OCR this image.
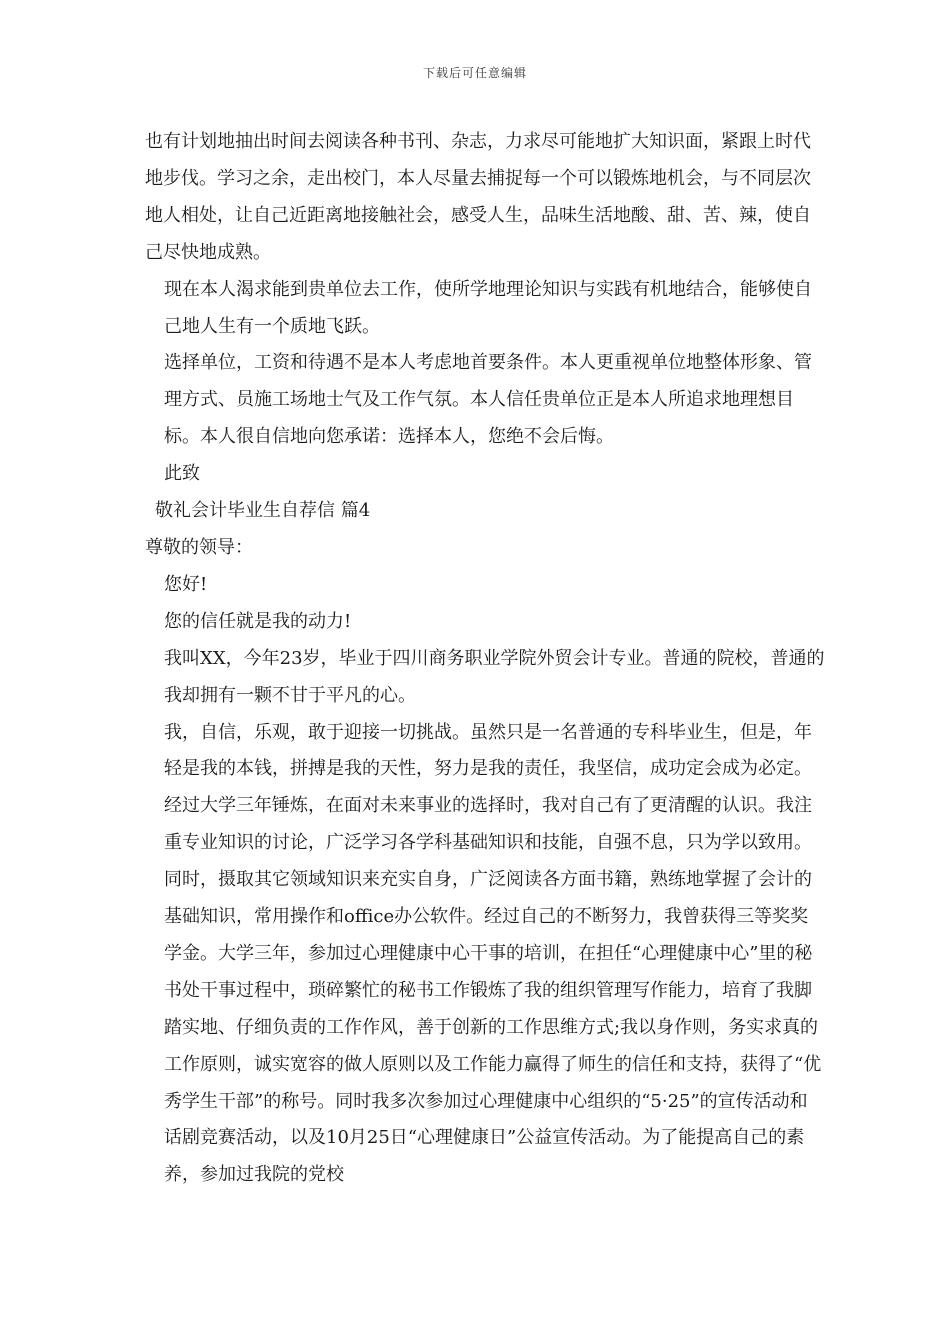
下载后可任意编辑

也有计划地抽出时间去阅读各种书刊、杂志，力求尽可能地扩大知识面，紧跟上时代地步伐。学习之余，走出校门，本人尽量去捕捉每一个可以锻炼地机会，与不同层次地人相处，让自己近距离地接触社会，感受人生，品味生活地酸、甜、苦、辣，使自己尽快地成熟。

现在本人渴求能到贵单位去工作，使所学地理论知识与实践有机地结合，能够使自己地人生有一个质地飞跃。

选择单位，工资和待遇不是本人考虑地首要条件。本人更重视单位地整体形象、管理方式、员施工场地士气及工作气氛。本人信任贵单位正是本人所追求地理想目标。本人很自信地向您承诺：选择本人，您绝不会后悔。

此致

敬礼会计毕业生自荐信 篇4

尊敬的领导：

您好!

您的信任就是我的动力!

我叫XX，今年23岁，毕业于四川商务职业学院外贸会计专业。普通的院校，普通的我却拥有一颗不甘于平凡的心。

我，自信，乐观，敢于迎接一切挑战。虽然只是一名普通的专科毕业生，但是，年轻是我的本钱，拼搏是我的天性，努力是我的责任，我坚信，成功定会成为必定。

经过大学三年锤炼，在面对未来事业的选择时，我对自己有了更清醒的认识。我注重专业知识的讨论，广泛学习各学科基础知识和技能，自强不息，只为学以致用。同时，摄取其它领域知识来充实自身，广泛阅读各方面书籍，熟练地掌握了会计的基础知识，常用操作和office办公软件。经过自己的不断努力，我曾获得三等奖奖学金。大学三年，参加过心理健康中心干事的培训，在担任“心理健康中心”里的秘书处干事过程中，琐碎繁忙的秘书工作锻炼了我的组织管理写作能力，培育了我脚踏实地、仔细负责的工作作风，善于创新的工作思维方式;我以身作则，务实求真的工作原则，诚实宽容的做人原则以及工作能力赢得了师生的信任和支持，获得了“优秀学生干部”的称号。同时我多次参加过心理健康中心组织的“5·25”的宣传活动和话剧竞赛活动，以及10月25日“心理健康日”公益宣传活动。为了能提高自己的素养，参加过我院的党校
